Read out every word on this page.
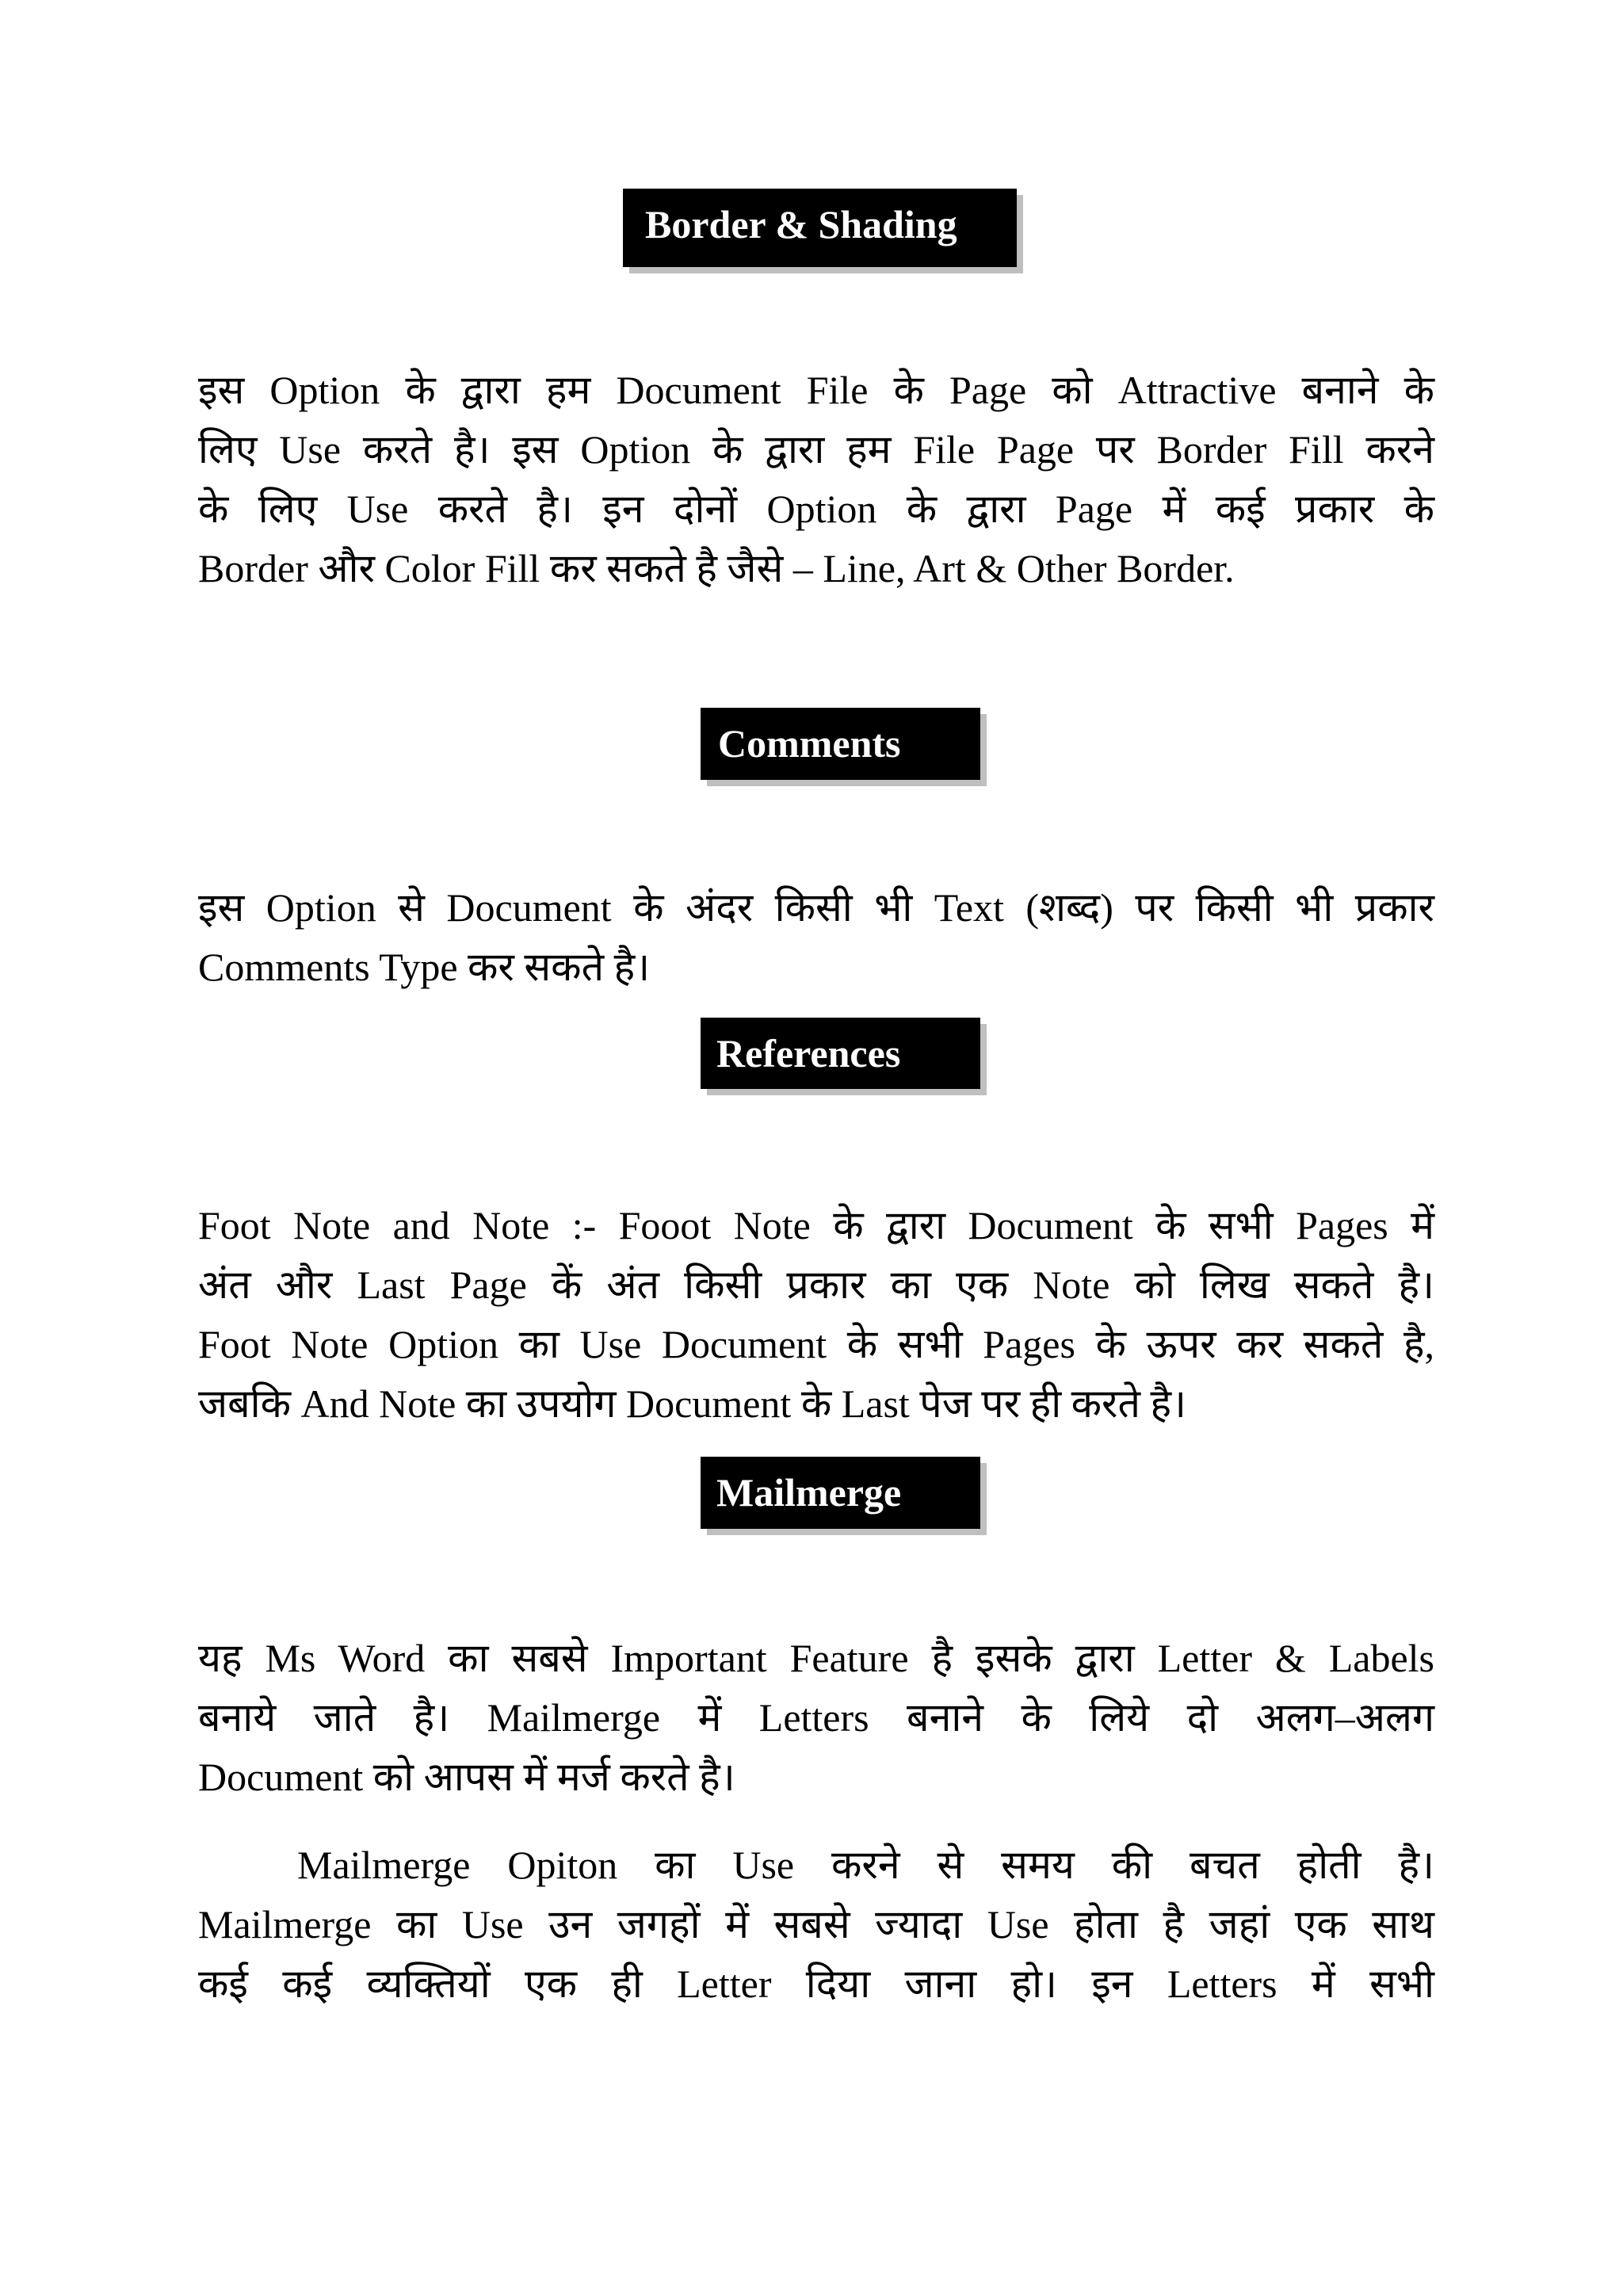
Border & Shading
इस Option के द्वारा हम Document File के Page को Attractive बनाने के
लिए Use करते है। इस Option के द्वारा हम File Page पर Border Fill करने
के लिए Use करते है। इन दोनों Option के द्वारा Page में कई प्रकार के
Border और Color Fill कर सकते है जैसे – Line, Art & Other Border.
Comments
इस Option से Document के अंदर किसी भी Text (शब्द) पर किसी भी प्रकार
Comments Type कर सकते है।
References
Foot Note and Note :- Fooot Note के द्वारा Document के सभी Pages में
अंत और Last Page कें अंत किसी प्रकार का एक Note को लिख सकते है।
Foot Note Option का Use Document के सभी Pages के ऊपर कर सकते है,
जबकि And Note का उपयोग Document के Last पेज पर ही करते है।
Mailmerge
यह Ms Word का सबसे Important Feature है इसके द्वारा Letter & Labels
बनाये जाते है। Mailmerge में Letters बनाने के लिये दो अलग–अलग
Document को आपस में मर्ज करते है।
Mailmerge Opiton का Use करने से समय की बचत होती है।
Mailmerge का Use उन जगहों में सबसे ज्यादा Use होता है जहां एक साथ
कई कई व्यक्तियों एक ही Letter दिया जाना हो। इन Letters में सभी
